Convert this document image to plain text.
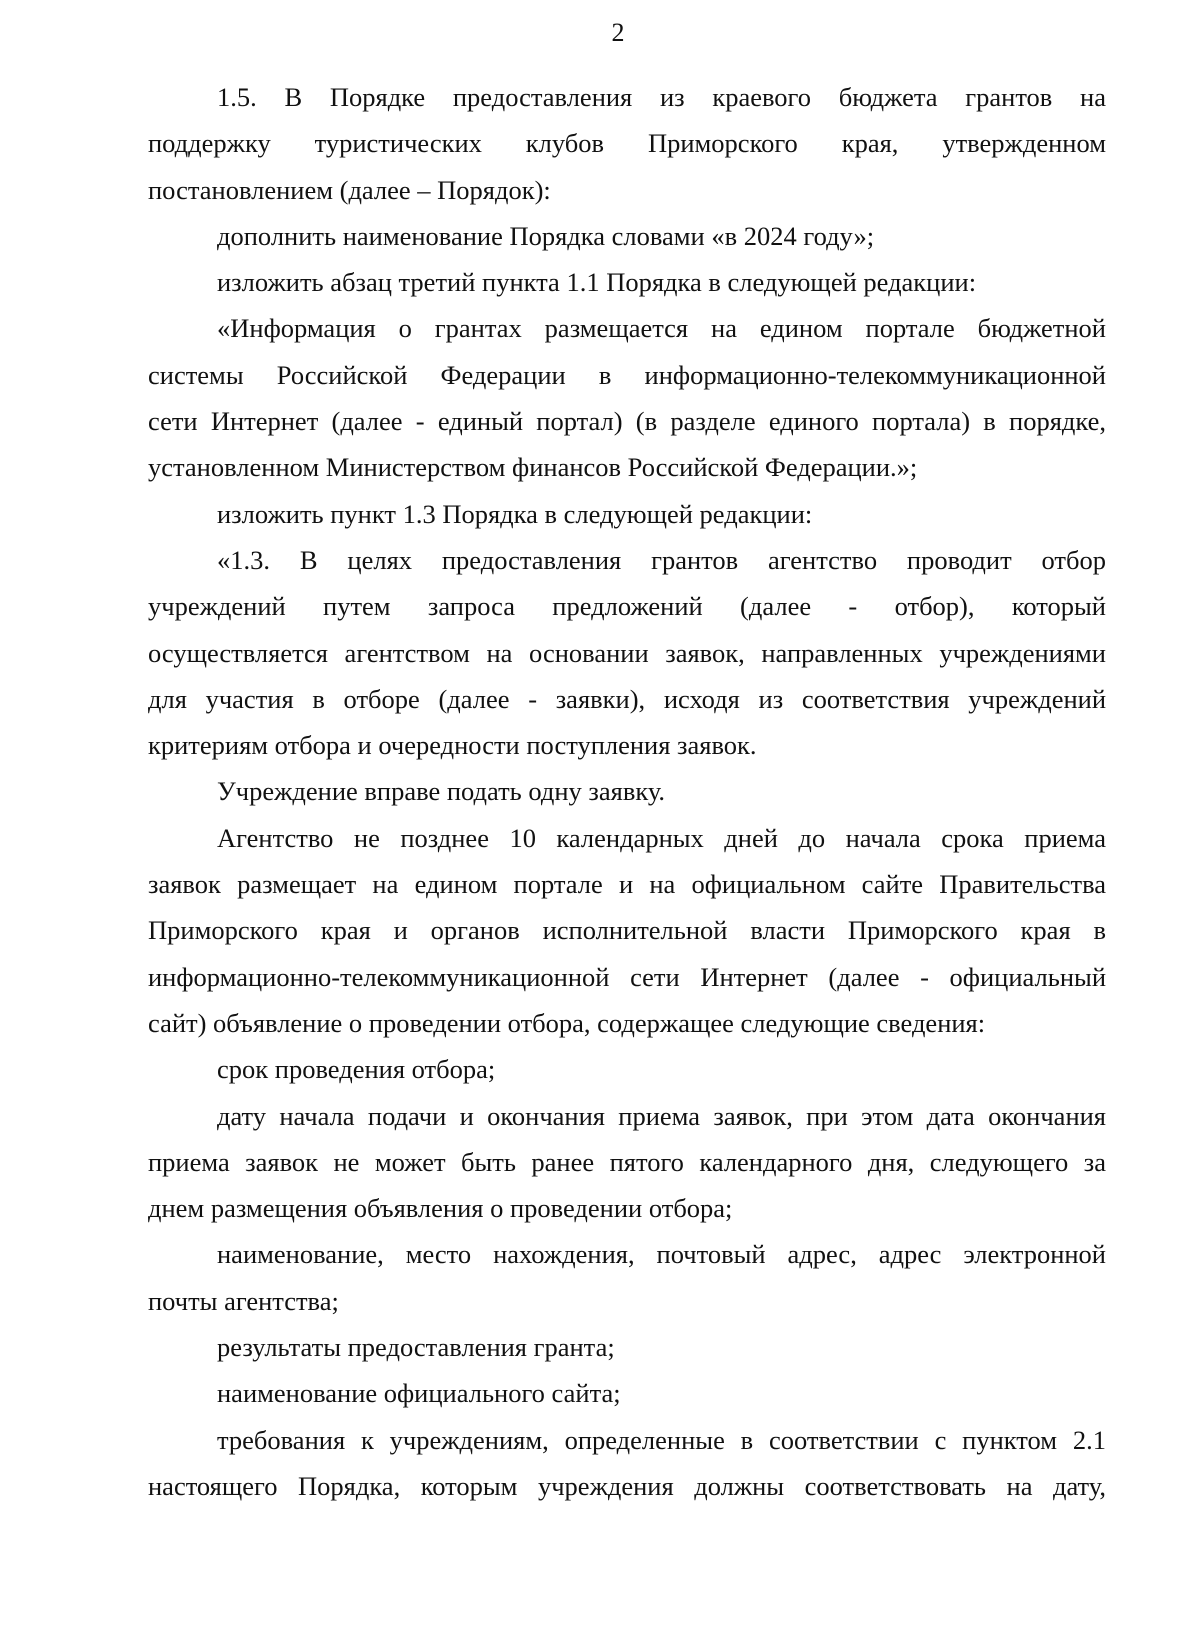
2
1.5. В Порядке предоставления из краевого бюджета грантов на
поддержку туристических клубов Приморского края, утвержденном
постановлением (далее – Порядок):
дополнить наименование Порядка словами «в 2024 году»;
изложить абзац третий пункта 1.1 Порядка в следующей редакции:
«Информация о грантах размещается на едином портале бюджетной
системы Российской Федерации в информационно-телекоммуникационной
сети Интернет (далее - единый портал) (в разделе единого портала) в порядке,
установленном Министерством финансов Российской Федерации.»;
изложить пункт 1.3 Порядка в следующей редакции:
«1.3. В целях предоставления грантов агентство проводит отбор
учреждений путем запроса предложений (далее - отбор), который
осуществляется агентством на основании заявок, направленных учреждениями
для участия в отборе (далее - заявки), исходя из соответствия учреждений
критериям отбора и очередности поступления заявок.
Учреждение вправе подать одну заявку.
Агентство не позднее 10 календарных дней до начала срока приема
заявок размещает на едином портале и на официальном сайте Правительства
Приморского края и органов исполнительной власти Приморского края в
информационно-телекоммуникационной сети Интернет (далее - официальный
сайт) объявление о проведении отбора, содержащее следующие сведения:
срок проведения отбора;
дату начала подачи и окончания приема заявок, при этом дата окончания
приема заявок не может быть ранее пятого календарного дня, следующего за
днем размещения объявления о проведении отбора;
наименование, место нахождения, почтовый адрес, адрес электронной
почты агентства;
результаты предоставления гранта;
наименование официального сайта;
требования к учреждениям, определенные в соответствии с пунктом 2.1
настоящего Порядка, которым учреждения должны соответствовать на дату,
